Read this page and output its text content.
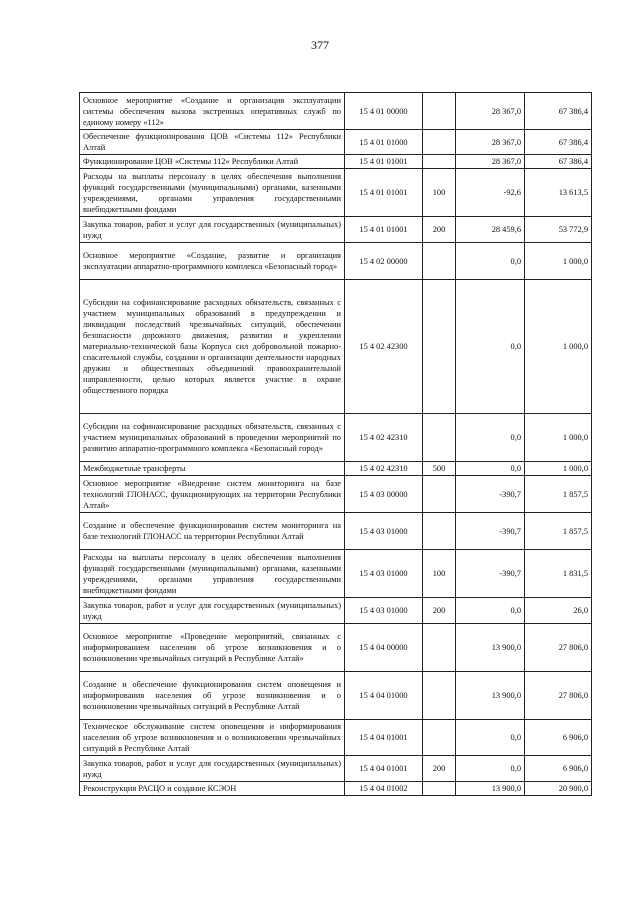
377
Основное мероприятие «Создание и организация эксплуатации системы обеспечения вызова экстренных оперативных служб по единому номеру «112»	15 4 01 00000		28 367,0	67 386,4
Обеспечение функционирования ЦОВ «Системы 112» Республики Алтай	15 4 01 01000		28 367,0	67 386,4
Функционирование ЦОВ «Системы 112» Республики Алтай	15 4 01 01001		28 367,0	67 386,4
Расходы на выплаты персоналу в целях обеспечения выполнения функций государственными (муниципальными) органами, казенными учреждениями, органами управления государственными внебюджетными фондами	15 4 01 01001	100	-92,6	13 613,5
Закупка товаров, работ и услуг для государственных (муниципальных) нужд	15 4 01 01001	200	28 459,6	53 772,9
Основное мероприятие «Создание, развитие и организация эксплуатации аппаратно-программного комплекса «Безопасный город»	15 4 02 00000		0,0	1 000,0
Субсидии на софинансирование расходных обязательств, связанных с участием муниципальных образований в предупреждении и ликвидации последствий чрезвычайных ситуаций, обеспечении безопасности дорожного движения, развитии и укреплении материально-технической базы Корпуса сил добровольной пожарно-спасательной службы, создании и организации деятельности народных дружин и общественных объединений правоохранительной направленности, целью которых является участие в охране общественного порядка	15 4 02 42300		0,0	1 000,0
Субсидии на софинансирование расходных обязательств, связанных с участием муниципальных образований в проведении мероприятий по развитию аппаратно-программного комплекса «Безопасный город»	15 4 02 42310		0,0	1 000,0
Межбюджетные трансферты	15 4 02 42310	500	0,0	1 000,0
Основное мероприятие «Внедрение систем мониторинга на базе технологий ГЛОНАСС, функционирующих на территории Республики Алтай»	15 4 03 00000		-390,7	1 857,5
Создание и обеспечение функционирования систем мониторинга на базе технологий ГЛОНАСС на территории Республики Алтай	15 4 03 01000		-390,7	1 857,5
Расходы на выплаты персоналу в целях обеспечения выполнения функций государственными (муниципальными) органами, казенными учреждениями, органами управления государственными внебюджетными фондами	15 4 03 01000	100	-390,7	1 831,5
Закупка товаров, работ и услуг для государственных (муниципальных) нужд	15 4 03 01000	200	0,0	26,0
Основное мероприятие «Проведение мероприятий, связанных с информированием населения об угрозе возникновения и о возникновении чрезвычайных ситуаций в Республике Алтай»	15 4 04 00000		13 900,0	27 806,0
Создание и обеспечение функционирования систем оповещения и информирования населения об угрозе возникновения и о возникновении чрезвычайных ситуаций в Республике Алтай	15 4 04 01000		13 900,0	27 806,0
Техническое обслуживание систем оповещения и информирования населения об угрозе возникновения и о возникновении чрезвычайных ситуаций в Республике Алтай	15 4 04 01001		0,0	6 906,0
Закупка товаров, работ и услуг для государственных (муниципальных) нужд	15 4 04 01001	200	0,0	6 906,0
Реконструкция РАСЦО и создание КСЭОН	15 4 04 01002		13 900,0	20 900,0
